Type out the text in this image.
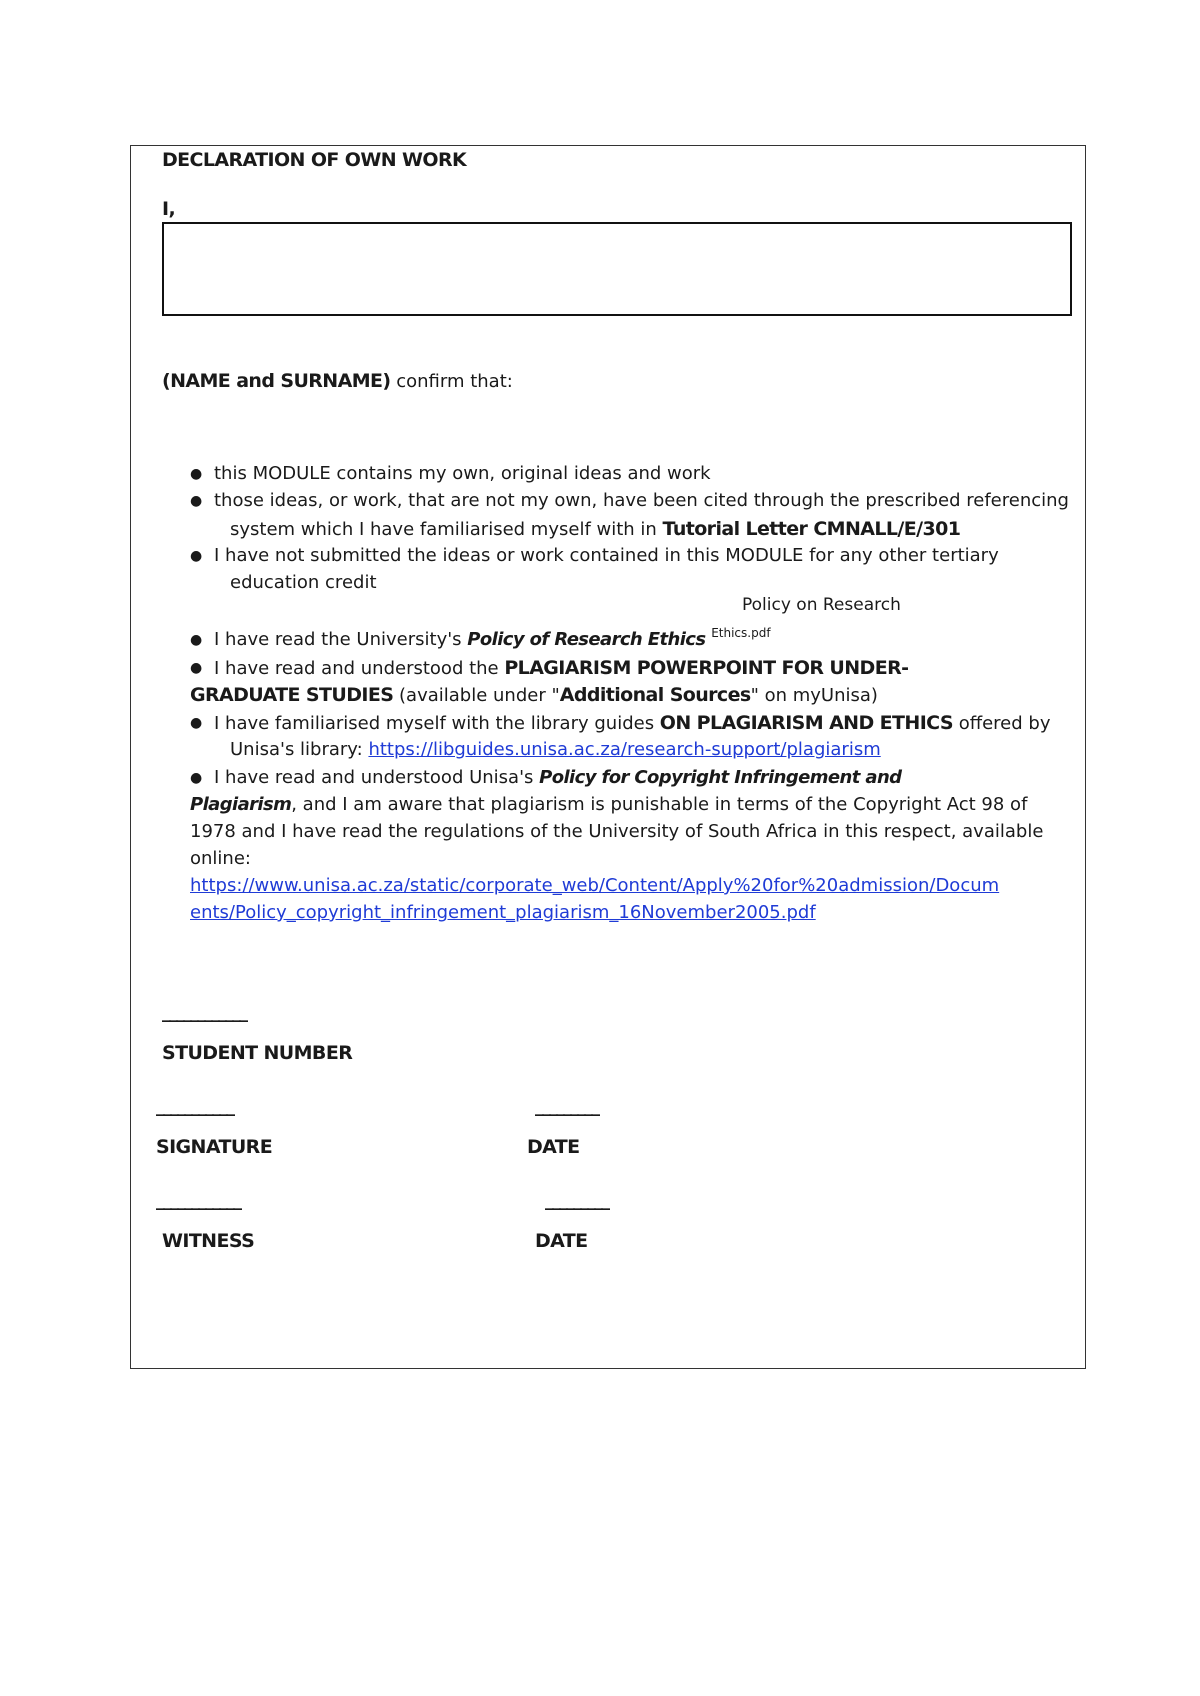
DECLARATION OF OWN WORK
I,
(NAME and SURNAME) confirm that:
● this MODULE contains my own, original ideas and work
● those ideas, or work, that are not my own, have been cited through the prescribed referencing
system which I have familiarised myself with in Tutorial Letter CMNALL/E/301
● I have not submitted the ideas or work contained in this MODULE for any other tertiary
education credit
Policy on Research
● I have read the University's Policy of Research Ethics $^{Ethics.pdf}$
● I have read and understood the PLAGIARISM POWERPOINT FOR UNDER-
GRADUATE STUDIES (available under "Additional Sources" on myUnisa)
● I have familiarised myself with the library guides ON PLAGIARISM AND ETHICS offered by
Unisa's library: https://libguides.unisa.ac.za/research-support/plagiarism
● I have read and understood Unisa's Policy for Copyright Infringement and
Plagiarism, and I am aware that plagiarism is punishable in terms of the Copyright Act 98 of
1978 and I have read the regulations of the University of South Africa in this respect, available
online:
https://www.unisa.ac.za/static/corporate_web/Content/Apply%20for%20admission/Docum
ents/Policy_copyright_infringement_plagiarism_16November2005.pdf
____________
STUDENT NUMBER
___________	_________
SIGNATURE	DATE
____________	_________
WITNESS	DATE
